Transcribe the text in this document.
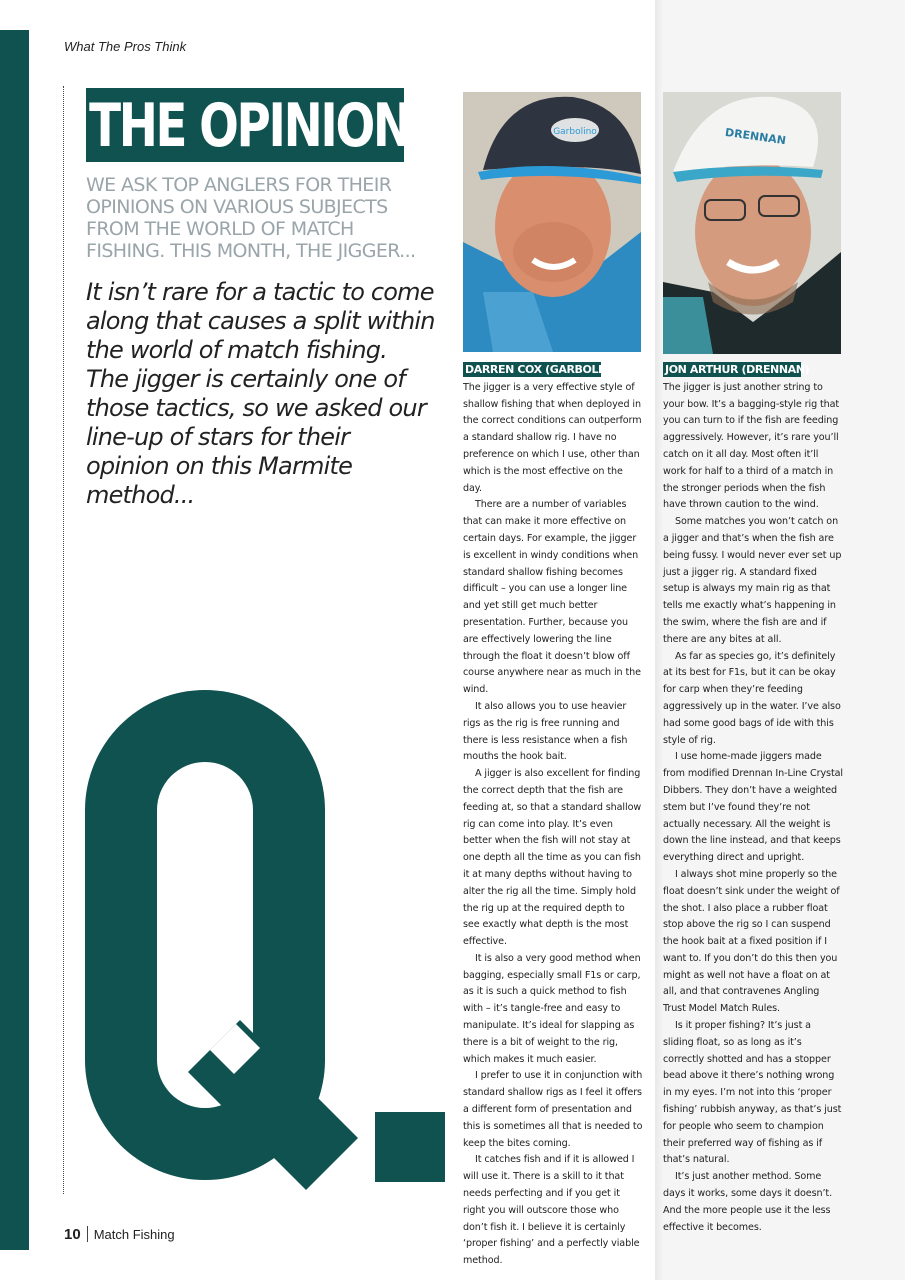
What The Pros Think
THE OPINION
WE ASK TOP ANGLERS FOR THEIR OPINIONS ON VARIOUS SUBJECTS FROM THE WORLD OF MATCH FISHING. THIS MONTH, THE JIGGER...
It isn’t rare for a tactic to come along that causes a split within the world of match fishing. The jigger is certainly one of those tactics, so we asked our line-up of stars for their opinion on this Marmite method...
Garbolino	DRENNAN
DARREN COX (GARBOLINO)

The jigger is a very effective style of shallow fishing that when deployed in the correct conditions can outperform a standard shallow rig. I have no preference on which I use, other than which is the most effective on the day.

There are a number of variables that can make it more effective on certain days. For example, the jigger is excellent in windy conditions when standard shallow fishing becomes difficult – you can use a longer line and yet still get much better presentation. Further, because you are effectively lowering the line through the float it doesn’t blow off course anywhere near as much in the wind.

It also allows you to use heavier rigs as the rig is free running and there is less resistance when a fish mouths the hook bait.

A jigger is also excellent for finding the correct depth that the fish are feeding at, so that a standard shallow rig can come into play. It’s even better when the fish will not stay at one depth all the time as you can fish it at many depths without having to alter the rig all the time. Simply hold the rig up at the required depth to see exactly what depth is the most effective.

It is also a very good method when bagging, especially small F1s or carp, as it is such a quick method to fish with – it’s tangle-free and easy to manipulate. It’s ideal for slapping as there is a bit of weight to the rig, which makes it much easier.

I prefer to use it in conjunction with standard shallow rigs as I feel it offers a different form of presentation and this is sometimes all that is needed to keep the bites coming.

It catches fish and if it is allowed I will use it. There is a skill to it that needs perfecting and if you get it right you will outscore those who don’t fish it. I believe it is certainly ‘proper fishing’ and a perfectly viable method.

JON ARTHUR (DRENNAN)

The jigger is just another string to your bow. It’s a bagging-style rig that you can turn to if the fish are feeding aggressively. However, it’s rare you’ll catch on it all day. Most often it’ll work for half to a third of a match in the stronger periods when the fish have thrown caution to the wind.

Some matches you won’t catch on a jigger and that’s when the fish are being fussy. I would never ever set up just a jigger rig. A standard fixed setup is always my main rig as that tells me exactly what’s happening in the swim, where the fish are and if there are any bites at all.

As far as species go, it’s definitely at its best for F1s, but it can be okay for carp when they’re feeding aggressively up in the water. I’ve also had some good bags of ide with this style of rig.

I use home-made jiggers made from modified Drennan In-Line Crystal Dibbers. They don’t have a weighted stem but I’ve found they’re not actually necessary. All the weight is down the line instead, and that keeps everything direct and upright.

I always shot mine properly so the float doesn’t sink under the weight of the shot. I also place a rubber float stop above the rig so I can suspend the hook bait at a fixed position if I want to. If you don’t do this then you might as well not have a float on at all, and that contravenes Angling Trust Model Match Rules.

Is it proper fishing? It’s just a sliding float, so as long as it’s correctly shotted and has a stopper bead above it there’s nothing wrong in my eyes. I’m not into this ‘proper fishing’ rubbish anyway, as that’s just for people who seem to champion their preferred way of fishing as if that’s natural.

It’s just another method. Some days it works, some days it doesn’t. And the more people use it the less effective it becomes.

10 Match Fishing
